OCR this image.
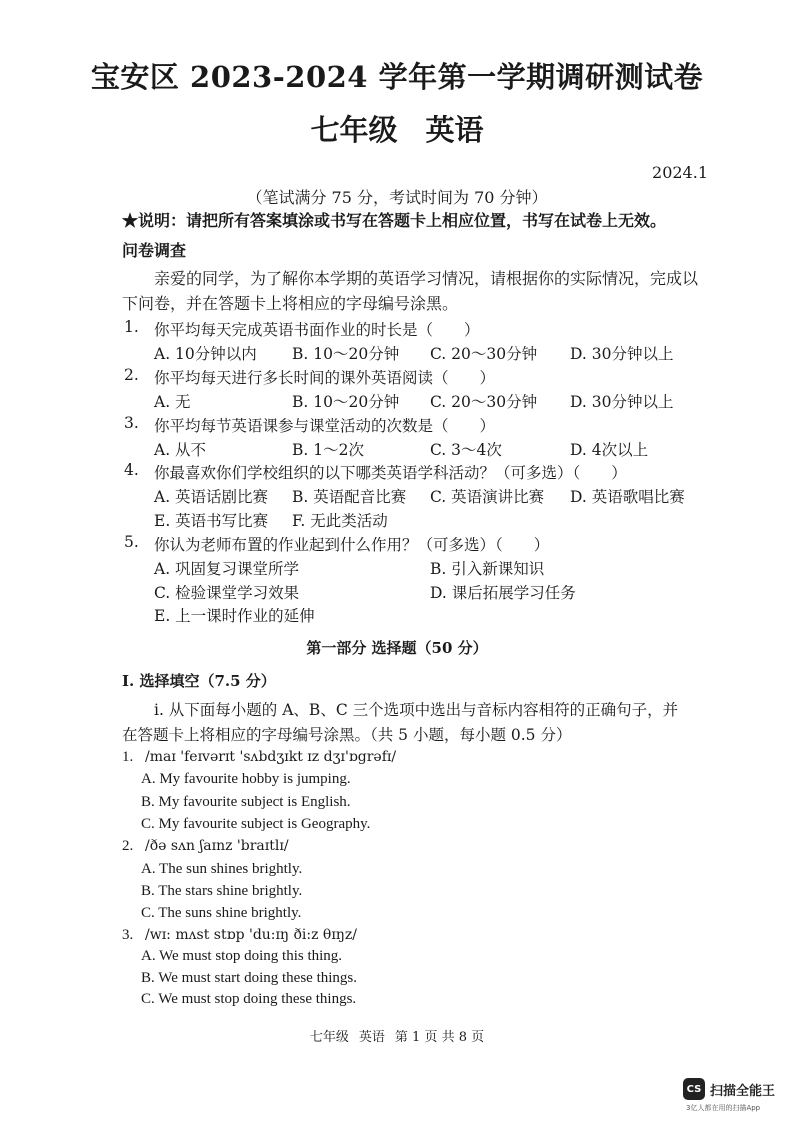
宝安区 2023-2024 学年第一学期调研测试卷
七年级 英语
2024.1
（笔试满分 75 分，考试时间为 70 分钟）
★说明：请把所有答案填涂或书写在答题卡上相应位置，书写在试卷上无效。
问卷调查
亲爱的同学，为了解你本学期的英语学习情况，请根据你的实际情况，完成以
下问卷，并在答题卡上将相应的字母编号涂黑。
1. 你平均每天完成英语书面作业的时长是（　　）
A. 10分钟以内 B. 10～20分钟 C. 20～30分钟 D. 30分钟以上
2. 你平均每天进行多长时间的课外英语阅读（　　）
A. 无	B. 10～20分钟 C. 20～30分钟 D. 30分钟以上
3. 你平均每节英语课参与课堂活动的次数是（　　）
A. 从不	B. 1～2次	C. 3～4次	D. 4次以上
4. 你最喜欢你们学校组织的以下哪类英语学科活动？（可多选）（　　）
A. 英语话剧比赛 B. 英语配音比赛 C. 英语演讲比赛 D. 英语歌唱比赛
E. 英语书写比赛 F. 无此类活动
5. 你认为老师布置的作业起到什么作用？（可多选）（　　）
A. 巩固复习课堂所学	B. 引入新课知识
C. 检验课堂学习效果	D. 课后拓展学习任务
E. 上一课时作业的延伸
第一部分 选择题（50 分）
I. 选择填空（7.5 分）
i. 从下面每小题的 A、B、C 三个选项中选出与音标内容相符的正确句子，并
在答题卡上将相应的字母编号涂黑。（共 5 小题，每小题 0.5 分）
1. /maɪ 'feɪvərɪt 'sʌbdʒɪkt ɪz dʒɪ'ɒgrəfɪ/
A. My favourite hobby is jumping.
B. My favourite subject is English.
C. My favourite subject is Geography.
2. /ðə sʌn ʃaɪnz 'braɪtlɪ/
A. The sun shines brightly.
B. The stars shine brightly.
C. The suns shine brightly.
3. /wɪ: mʌst stɒp 'du:ɪŋ ði:z θɪŋz/
A. We must stop doing this thing.
B. We must start doing these things.
C. We must stop doing these things.
七年级 英语 第 1 页 共 8 页
CS 扫描全能王
3亿人都在用的扫描App
